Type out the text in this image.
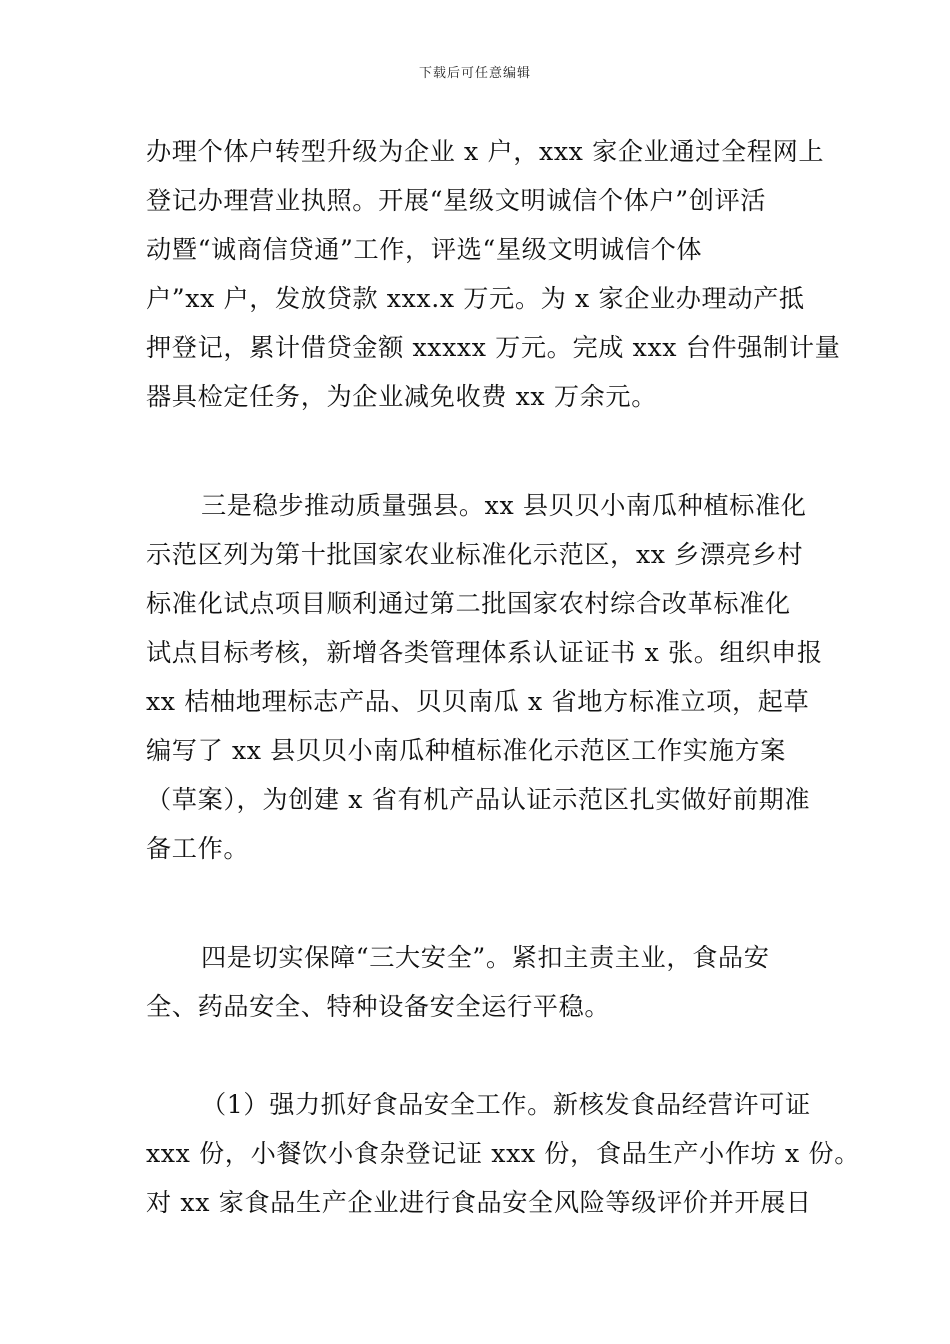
下载后可任意编辑
办理个体户转型升级为企业 x 户，xxx 家企业通过全程网上
登记办理营业执照。开展“星级文明诚信个体户”创评活
动暨“诚商信贷通”工作，评选“星级文明诚信个体
户”xx 户，发放贷款 xxx.x 万元。为 x 家企业办理动产抵
押登记，累计借贷金额 xxxxx 万元。完成 xxx 台件强制计量
器具检定任务，为企业减免收费 xx 万余元。
三是稳步推动质量强县。xx 县贝贝小南瓜种植标准化
示范区列为第十批国家农业标准化示范区，xx 乡漂亮乡村
标准化试点项目顺利通过第二批国家农村综合改革标准化
试点目标考核，新增各类管理体系认证证书 x 张。组织申报
xx 桔柚地理标志产品、贝贝南瓜 x 省地方标准立项，起草
编写了 xx 县贝贝小南瓜种植标准化示范区工作实施方案
（草案），为创建 x 省有机产品认证示范区扎实做好前期准
备工作。
四是切实保障“三大安全”。紧扣主责主业，食品安
全、药品安全、特种设备安全运行平稳。
（1）强力抓好食品安全工作。新核发食品经营许可证
xxx 份，小餐饮小食杂登记证 xxx 份，食品生产小作坊 x 份。
对 xx 家食品生产企业进行食品安全风险等级评价并开展日
